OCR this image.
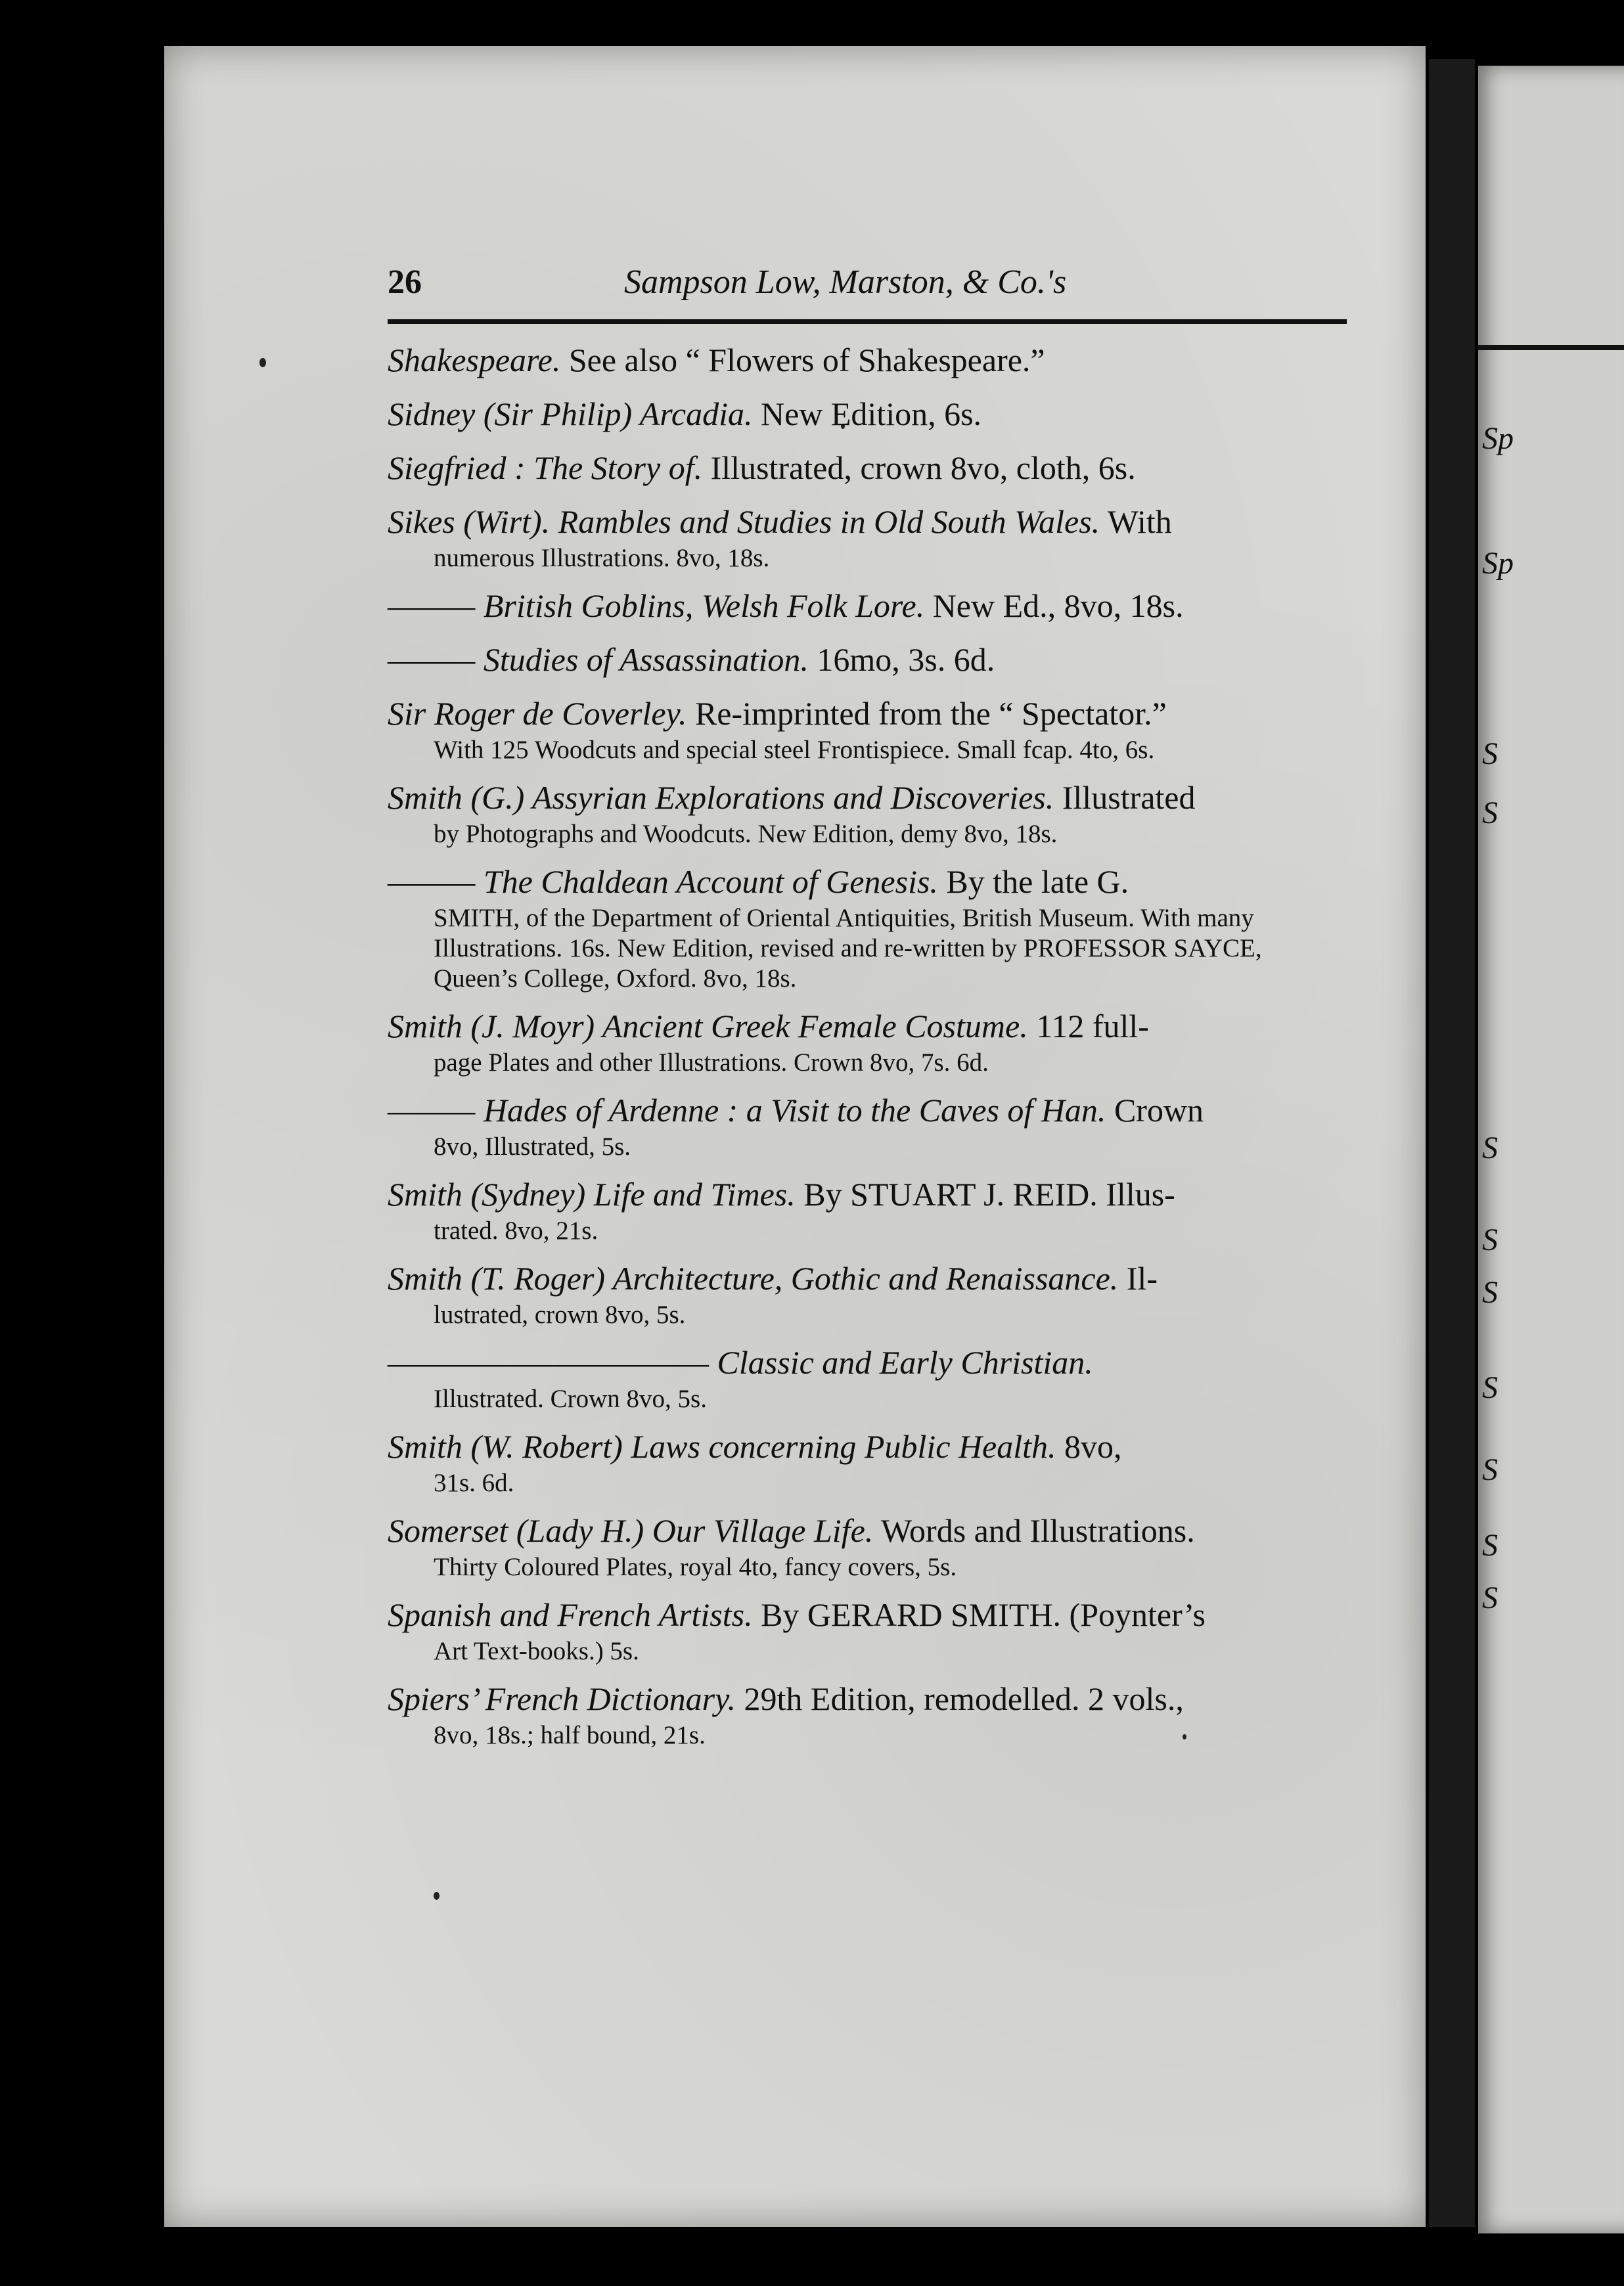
Sp
Sp
S
S
S
S
S
S
S
S
S
26	Sampson Low, Marston, & Co.'s
Shakespeare. See also “ Flowers of Shakespeare.”
Sidney (Sir Philip) Arcadia. New Edition, 6s.
Siegfried : The Story of. Illustrated, crown 8vo, cloth, 6s.
Sikes (Wirt). Rambles and Studies in Old South Wales. With
numerous Illustrations. 8vo, 18s.
——— British Goblins, Welsh Folk Lore. New Ed., 8vo, 18s.
——— Studies of Assassination. 16mo, 3s. 6d.
Sir Roger de Coverley. Re-imprinted from the “ Spectator.”
With 125 Woodcuts and special steel Frontispiece. Small fcap. 4to, 6s.
Smith (G.) Assyrian Explorations and Discoveries. Illustrated
by Photographs and Woodcuts. New Edition, demy 8vo, 18s.
——— The Chaldean Account of Genesis. By the late G.
SMITH, of the Department of Oriental Antiquities, British Museum. With many Illustrations. 16s. New Edition, revised and re-written by PROFESSOR SAYCE, Queen’s College, Oxford. 8vo, 18s.
Smith (J. Moyr) Ancient Greek Female Costume. 112 full-
page Plates and other Illustrations. Crown 8vo, 7s. 6d.
——— Hades of Ardenne : a Visit to the Caves of Han. Crown
8vo, Illustrated, 5s.
Smith (Sydney) Life and Times. By STUART J. REID. Illus-
trated. 8vo, 21s.
Smith (T. Roger) Architecture, Gothic and Renaissance. Il-
lustrated, crown 8vo, 5s.
——————————— Classic and Early Christian.
Illustrated. Crown 8vo, 5s.
Smith (W. Robert) Laws concerning Public Health. 8vo,
31s. 6d.
Somerset (Lady H.) Our Village Life. Words and Illustrations.
Thirty Coloured Plates, royal 4to, fancy covers, 5s.
Spanish and French Artists. By GERARD SMITH. (Poynter’s
Art Text-books.) 5s.
Spiers’ French Dictionary. 29th Edition, remodelled. 2 vols.,
8vo, 18s.; half bound, 21s.
